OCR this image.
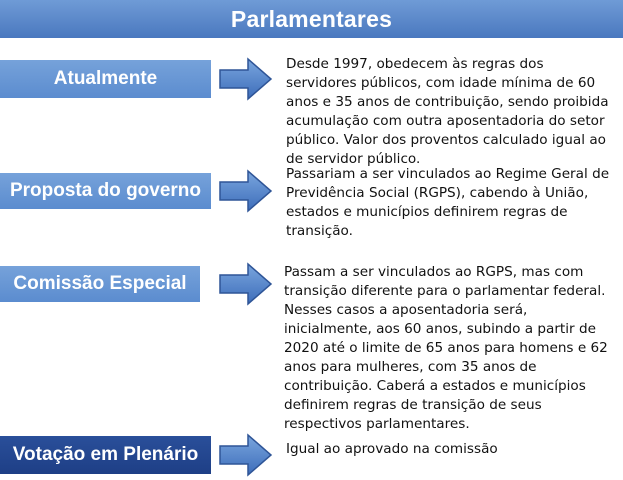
Parlamentares
Atualmente
Desde 1997, obedecem às regras dos servidores públicos, com idade mínima de 60 anos e 35 anos de contribuição, sendo proibida acumulação com outra aposentadoria do setor público. Valor dos proventos calculado igual ao de servidor público.
Proposta do governo
Passariam a ser vinculados ao Regime Geral de Previdência Social (RGPS), cabendo à União, estados e municípios definirem regras de transição.
Comissão Especial
Passam a ser vinculados ao RGPS, mas com transição diferente para o parlamentar federal. Nesses casos a aposentadoria será, inicialmente, aos 60 anos, subindo a partir de 2020 até o limite de 65 anos para homens e 62 anos para mulheres, com 35 anos de contribuição. Caberá a estados e municípios definirem regras de transição de seus respectivos parlamentares.
Votação em Plenário	Igual ao aprovado na comissão
